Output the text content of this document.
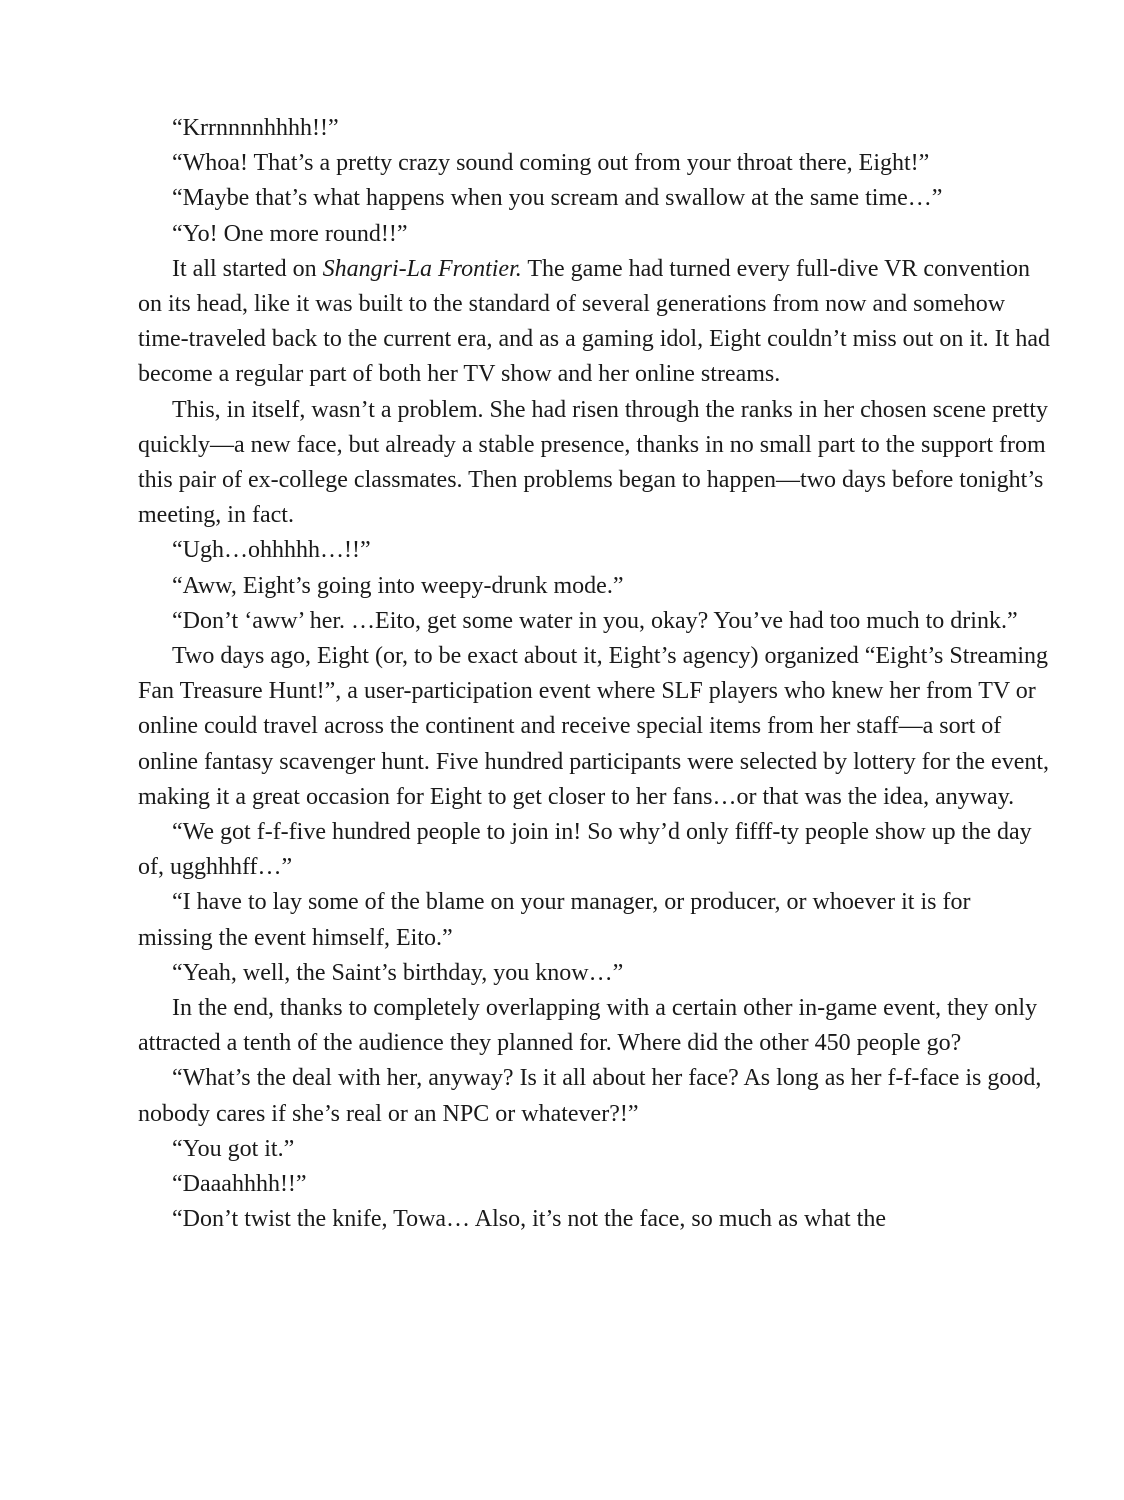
“Krrnnnnhhhh!!”

“Whoa! That’s a pretty crazy sound coming out from your throat there, Eight!”

“Maybe that’s what happens when you scream and swallow at the same time…”

“Yo! One more round!!”

It all started on Shangri-La Frontier. The game had turned every full-dive VR convention on its head, like it was built to the standard of several generations from now and somehow time-traveled back to the current era, and as a gaming idol, Eight couldn’t miss out on it. It had become a regular part of both her TV show and her online streams.

This, in itself, wasn’t a problem. She had risen through the ranks in her chosen scene pretty quickly—a new face, but already a stable presence, thanks in no small part to the support from this pair of ex-college classmates. Then problems began to happen—two days before tonight’s meeting, in fact.

“Ugh…ohhhhh…!!”

“Aww, Eight’s going into weepy-drunk mode.”

“Don’t ‘aww’ her. …Eito, get some water in you, okay? You’ve had too much to drink.”

Two days ago, Eight (or, to be exact about it, Eight’s agency) organized “Eight’s Streaming Fan Treasure Hunt!”, a user-participation event where SLF players who knew her from TV or online could travel across the continent and receive special items from her staff—a sort of online fantasy scavenger hunt. Five hundred participants were selected by lottery for the event, making it a great occasion for Eight to get closer to her fans…or that was the idea, anyway.

“We got f-f-five hundred people to join in! So why’d only fifff-ty people show up the day of, ugghhhff…”

“I have to lay some of the blame on your manager, or producer, or whoever it is for missing the event himself, Eito.”

“Yeah, well, the Saint’s birthday, you know…”

In the end, thanks to completely overlapping with a certain other in-game event, they only attracted a tenth of the audience they planned for. Where did the other 450 people go?

“What’s the deal with her, anyway? Is it all about her face? As long as her f-f-face is good, nobody cares if she’s real or an NPC or whatever?!”

“You got it.”

“Daaahhhh!!”

“Don’t twist the knife, Towa… Also, it’s not the face, so much as what the
